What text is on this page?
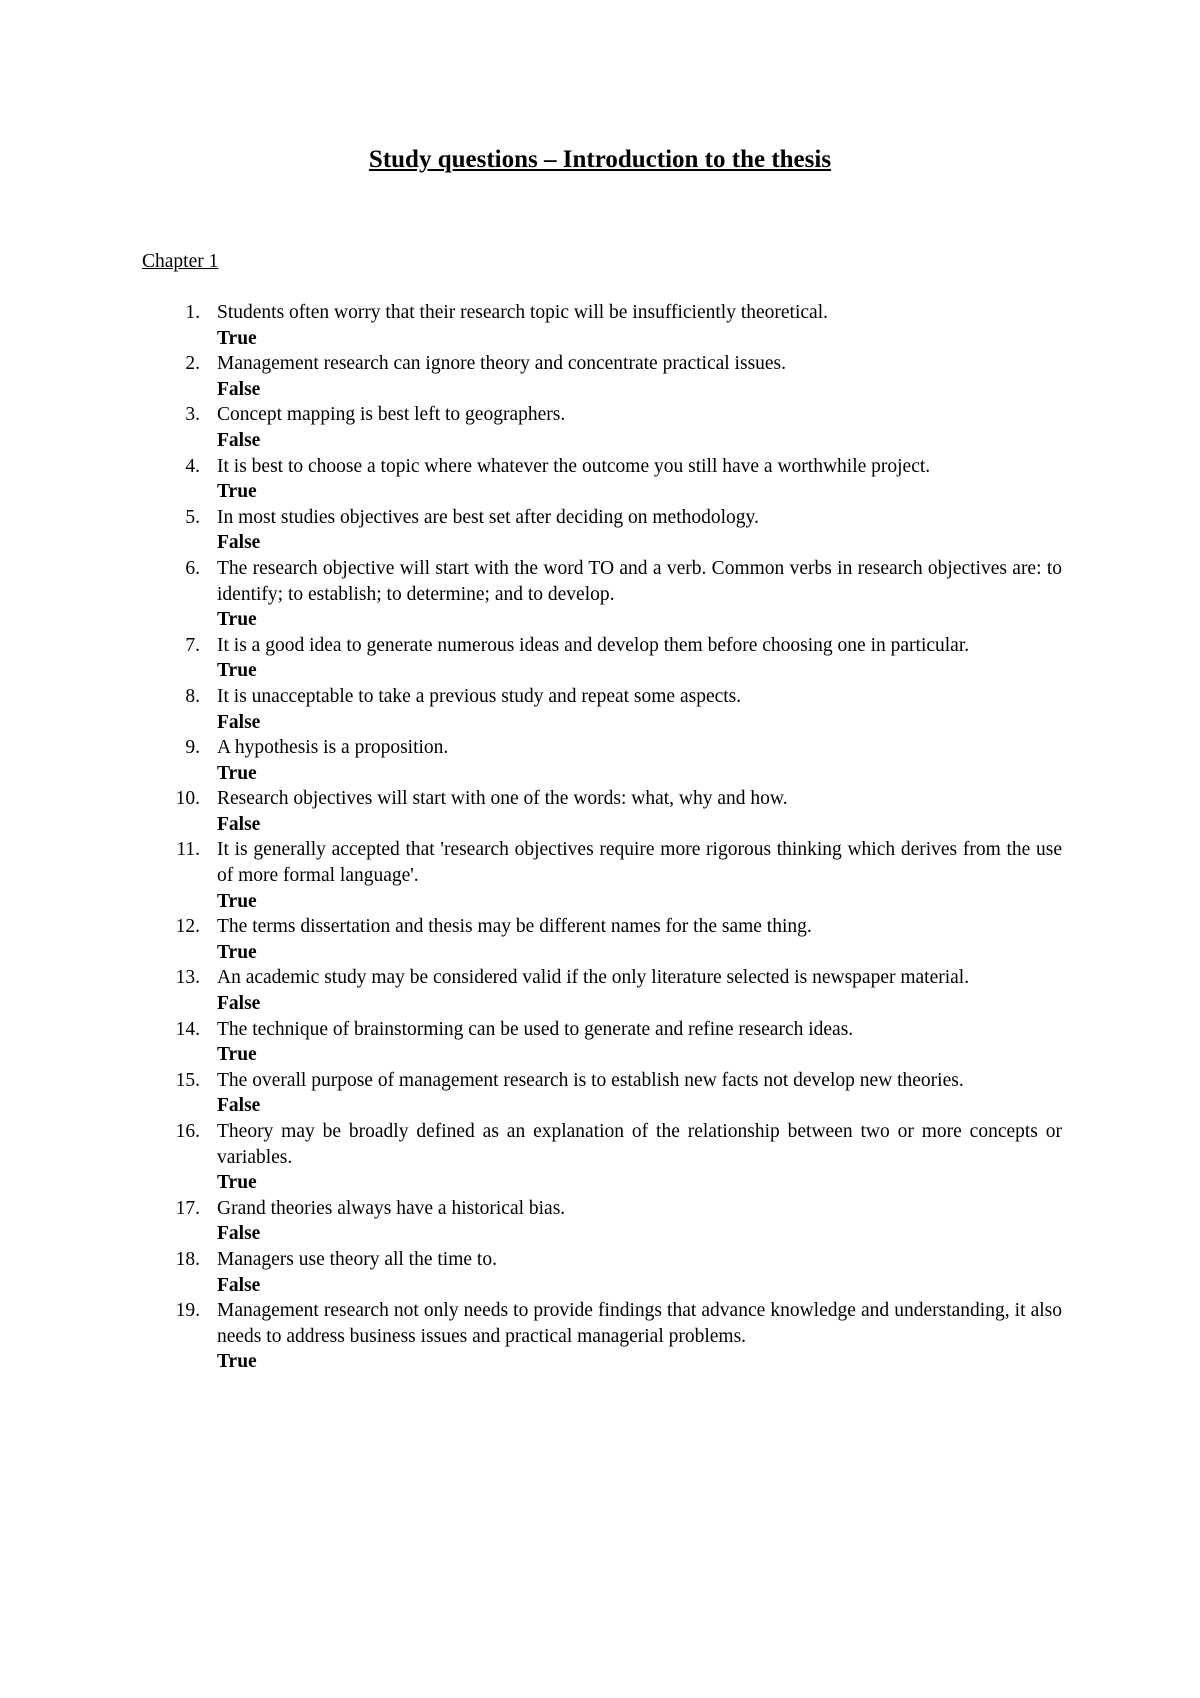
Study questions – Introduction to the thesis
Chapter 1
1. Students often worry that their research topic will be insufficiently theoretical.
True
2. Management research can ignore theory and concentrate practical issues.
False
3. Concept mapping is best left to geographers.
False
4. It is best to choose a topic where whatever the outcome you still have a worthwhile project.
True
5. In most studies objectives are best set after deciding on methodology.
False
6. The research objective will start with the word TO and a verb. Common verbs in research objectives are: to identify; to establish; to determine; and to develop.
True
7. It is a good idea to generate numerous ideas and develop them before choosing one in particular.
True
8. It is unacceptable to take a previous study and repeat some aspects.
False
9. A hypothesis is a proposition.
True
10. Research objectives will start with one of the words: what, why and how.
False
11. It is generally accepted that 'research objectives require more rigorous thinking which derives from the use of more formal language'.
True
12. The terms dissertation and thesis may be different names for the same thing.
True
13. An academic study may be considered valid if the only literature selected is newspaper material.
False
14. The technique of brainstorming can be used to generate and refine research ideas.
True
15. The overall purpose of management research is to establish new facts not develop new theories.
False
16. Theory may be broadly defined as an explanation of the relationship between two or more concepts or variables.
True
17. Grand theories always have a historical bias.
False
18. Managers use theory all the time to.
False
19. Management research not only needs to provide findings that advance knowledge and understanding, it also needs to address business issues and practical managerial problems.
True
